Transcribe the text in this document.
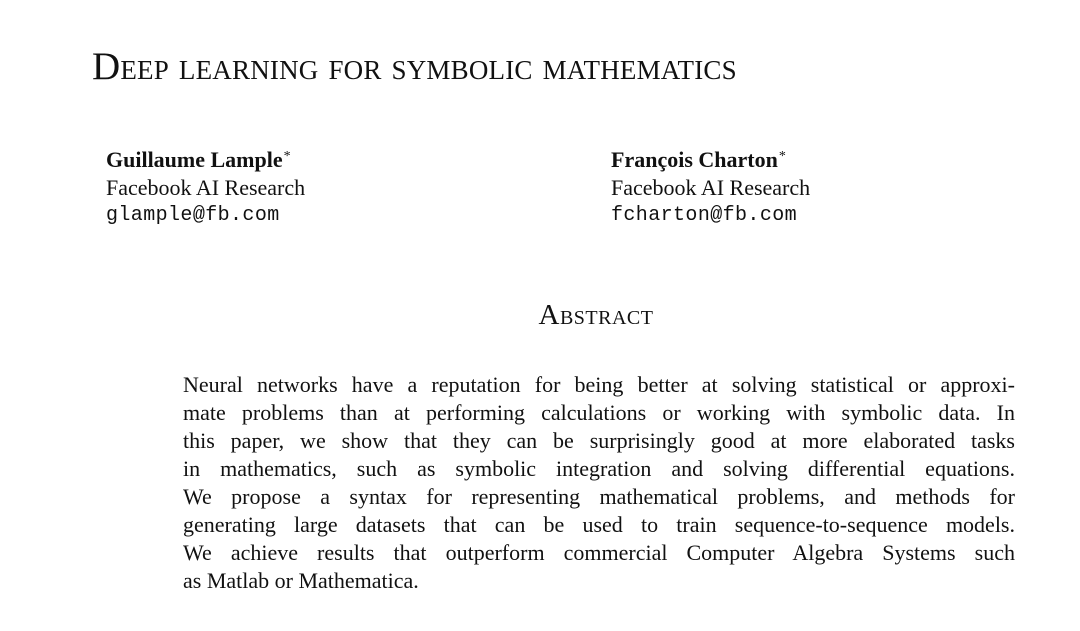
Deep learning for symbolic mathematics
Guillaume Lample*
Facebook AI Research
glample@fb.com
François Charton*
Facebook AI Research
fcharton@fb.com
Abstract
Neural networks have a reputation for being better at solving statistical or approxi-
mate problems than at performing calculations or working with symbolic data. In
this paper, we show that they can be surprisingly good at more elaborated tasks
in mathematics, such as symbolic integration and solving differential equations.
We propose a syntax for representing mathematical problems, and methods for
generating large datasets that can be used to train sequence-to-sequence models.
We achieve results that outperform commercial Computer Algebra Systems such
as Matlab or Mathematica.
